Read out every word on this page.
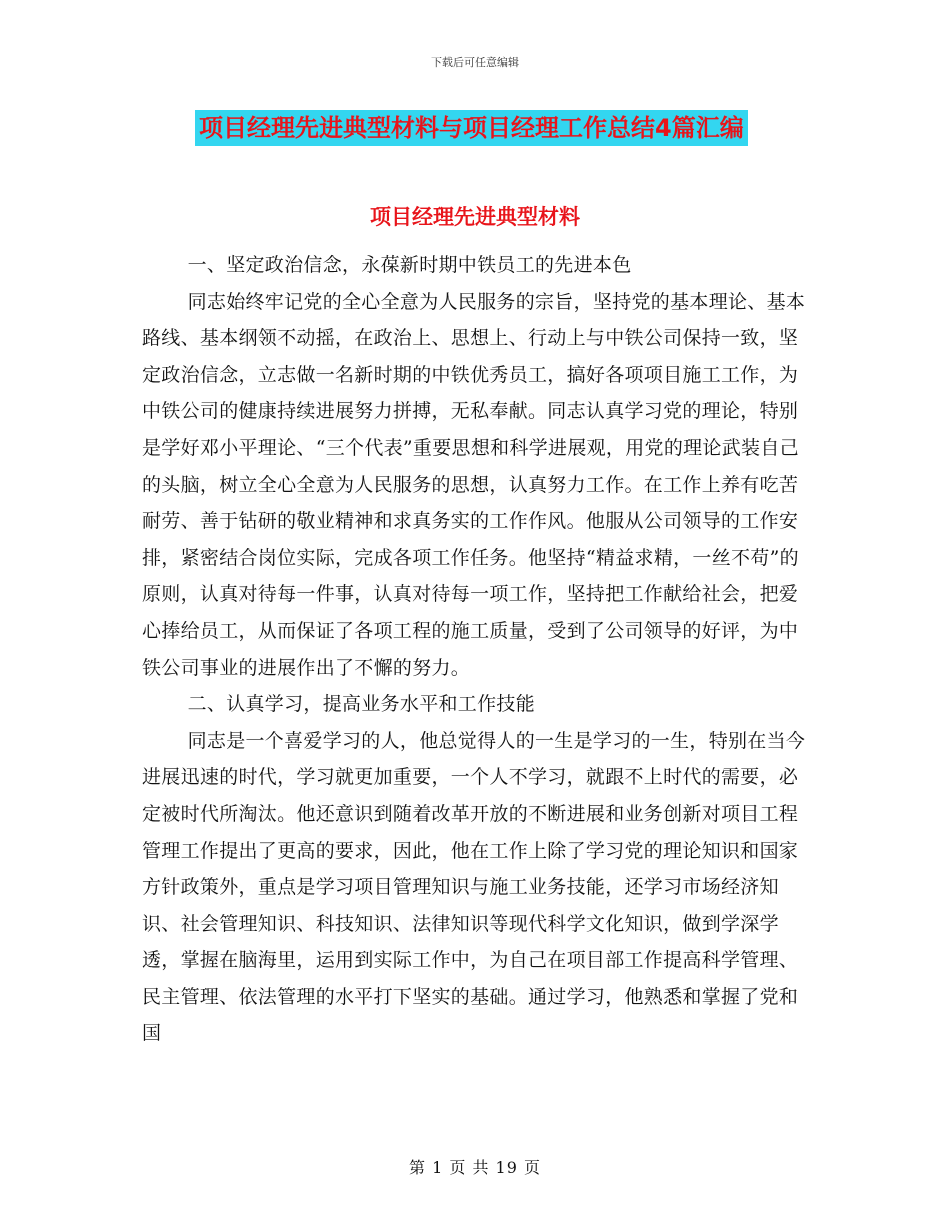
下载后可任意编辑
项目经理先进典型材料与项目经理工作总结4篇汇编
项目经理先进典型材料

一、坚定政治信念，永葆新时期中铁员工的先进本色

同志始终牢记党的全心全意为人民服务的宗旨，坚持党的基本理论、基本路线、基本纲领不动摇，在政治上、思想上、行动上与中铁公司保持一致，坚定政治信念，立志做一名新时期的中铁优秀员工，搞好各项项目施工工作，为中铁公司的健康持续进展努力拼搏，无私奉献。同志认真学习党的理论，特别是学好邓小平理论、“三个代表”重要思想和科学进展观，用党的理论武装自己的头脑，树立全心全意为人民服务的思想，认真努力工作。在工作上养有吃苦耐劳、善于钻研的敬业精神和求真务实的工作作风。他服从公司领导的工作安排，紧密结合岗位实际，完成各项工作任务。他坚持“精益求精，一丝不苟”的原则，认真对待每一件事，认真对待每一项工作，坚持把工作献给社会，把爱心捧给员工，从而保证了各项工程的施工质量，受到了公司领导的好评，为中铁公司事业的进展作出了不懈的努力。

二、认真学习，提高业务水平和工作技能

同志是一个喜爱学习的人，他总觉得人的一生是学习的一生，特别在当今进展迅速的时代，学习就更加重要，一个人不学习，就跟不上时代的需要，必定被时代所淘汰。他还意识到随着改革开放的不断进展和业务创新对项目工程管理工作提出了更高的要求，因此，他在工作上除了学习党的理论知识和国家方针政策外，重点是学习项目管理知识与施工业务技能，还学习市场经济知识、社会管理知识、科技知识、法律知识等现代科学文化知识，做到学深学透，掌握在脑海里，运用到实际工作中，为自己在项目部工作提高科学管理、民主管理、依法管理的水平打下坚实的基础。通过学习，他熟悉和掌握了党和国

第 1 页 共 19 页
